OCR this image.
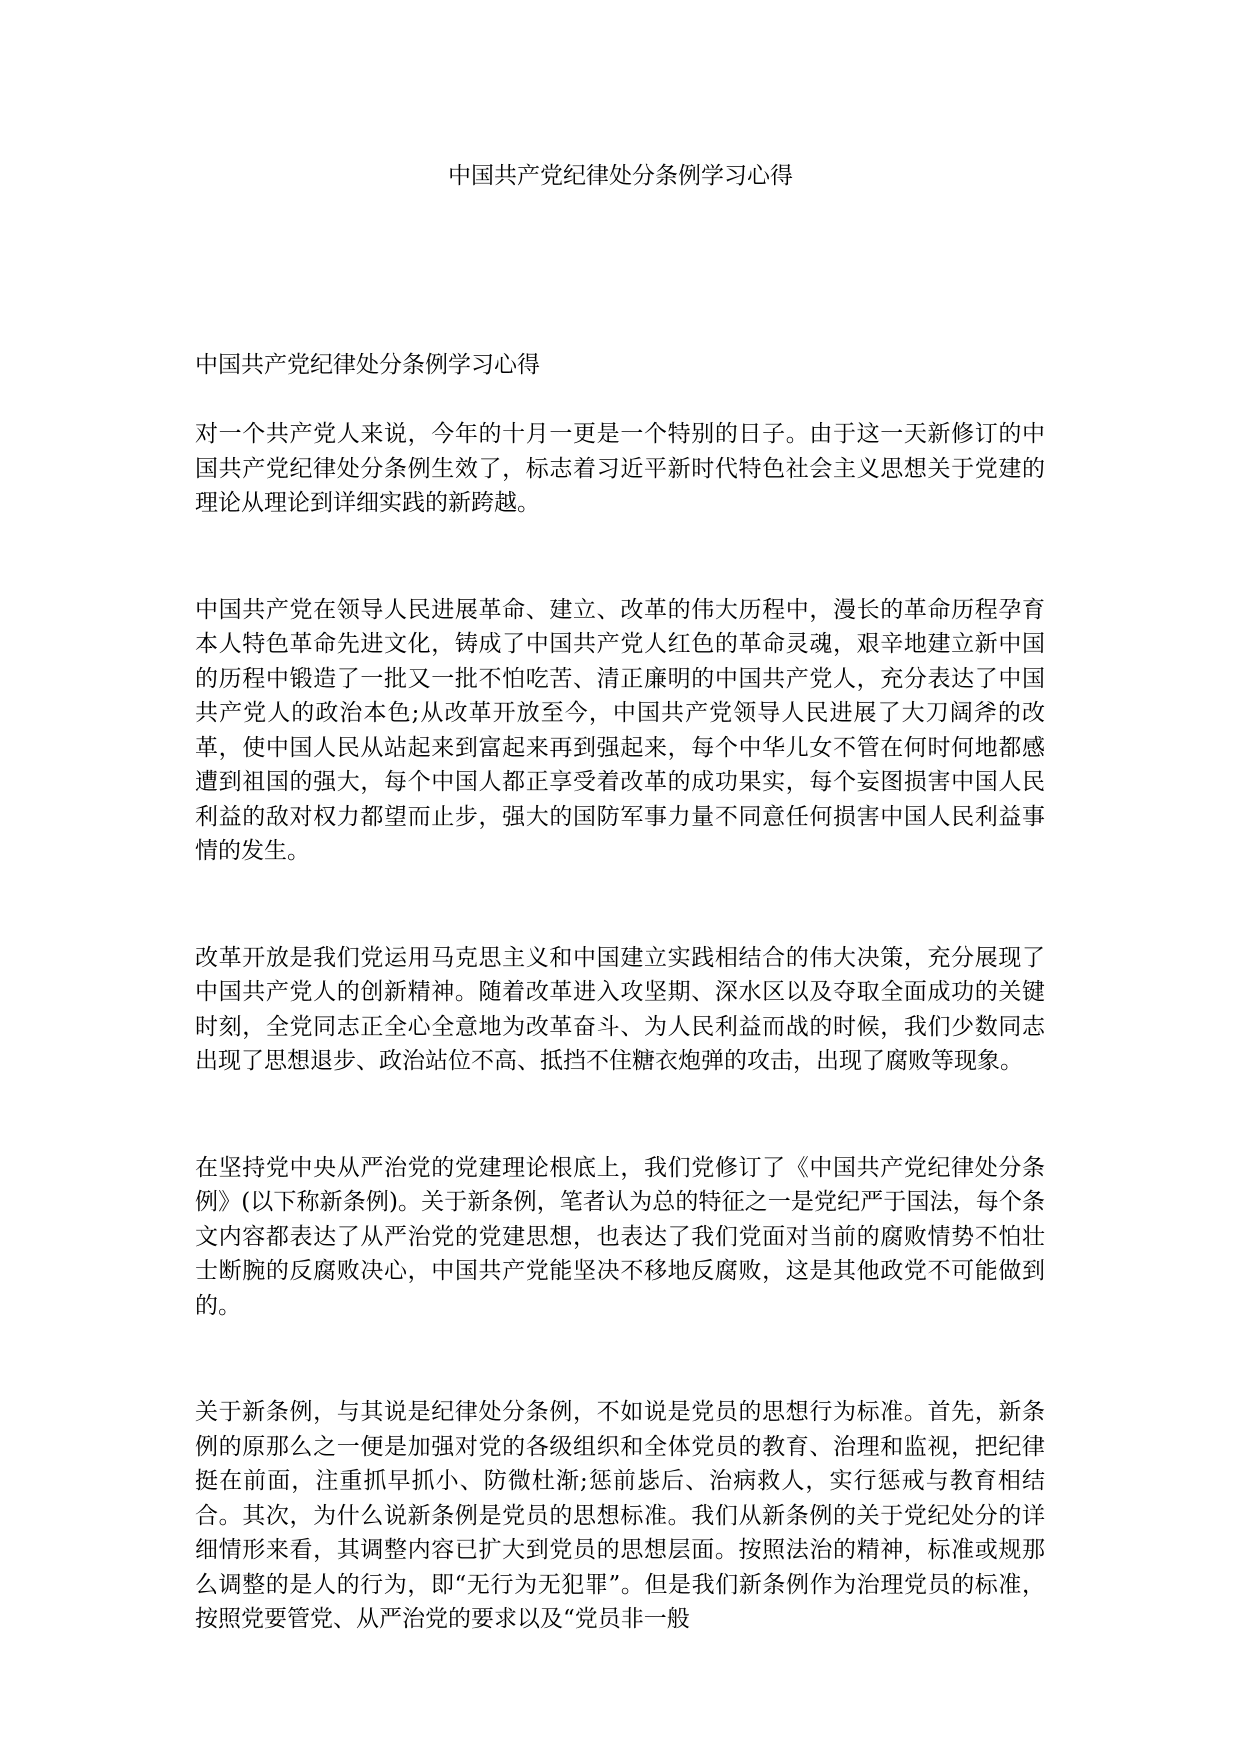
中国共产党纪律处分条例学习心得
中国共产党纪律处分条例学习心得

对一个共产党人来说，今年的十月一更是一个特别的日子。由于这一天新修订的中国共产党纪律处分条例生效了，标志着习近平新时代特色社会主义思想关于党建的理论从理论到详细实践的新跨越。

中国共产党在领导人民进展革命、建立、改革的伟大历程中，漫长的革命历程孕育本人特色革命先进文化，铸成了中国共产党人红色的革命灵魂，艰辛地建立新中国的历程中锻造了一批又一批不怕吃苦、清正廉明的中国共产党人，充分表达了中国共产党人的政治本色;从改革开放至今，中国共产党领导人民进展了大刀阔斧的改革，使中国人民从站起来到富起来再到强起来，每个中华儿女不管在何时何地都感遭到祖国的强大，每个中国人都正享受着改革的成功果实，每个妄图损害中国人民利益的敌对权力都望而止步，强大的国防军事力量不同意任何损害中国人民利益事情的发生。

改革开放是我们党运用马克思主义和中国建立实践相结合的伟大决策，充分展现了中国共产党人的创新精神。随着改革进入攻坚期、深水区以及夺取全面成功的关键时刻，全党同志正全心全意地为改革奋斗、为人民利益而战的时候，我们少数同志出现了思想退步、政治站位不高、抵挡不住糖衣炮弹的攻击，出现了腐败等现象。

在坚持党中央从严治党的党建理论根底上，我们党修订了《中国共产党纪律处分条例》(以下称新条例)。关于新条例，笔者认为总的特征之一是党纪严于国法，每个条文内容都表达了从严治党的党建思想，也表达了我们党面对当前的腐败情势不怕壮士断腕的反腐败决心，中国共产党能坚决不移地反腐败，这是其他政党不可能做到的。

关于新条例，与其说是纪律处分条例，不如说是党员的思想行为标准。首先，新条例的原那么之一便是加强对党的各级组织和全体党员的教育、治理和监视，把纪律挺在前面，注重抓早抓小、防微杜渐;惩前毖后、治病救人，实行惩戒与教育相结合。其次，为什么说新条例是党员的思想标准。我们从新条例的关于党纪处分的详细情形来看，其调整内容已扩大到党员的思想层面。按照法治的精神，标准或规那么调整的是人的行为，即“无行为无犯罪”。但是我们新条例作为治理党员的标准，按照党要管党、从严治党的要求以及“党员非一般
